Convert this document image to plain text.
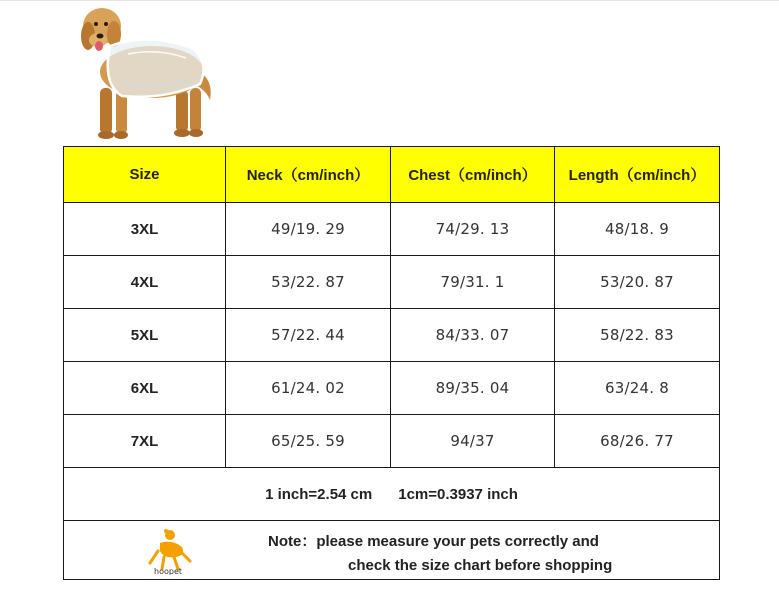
Size	Neck（cm/inch）	Chest（cm/inch）	Length（cm/inch）
3XL	49/19. 29	74/29. 13	48/18. 9
4XL	53/22. 87	79/31. 1	53/20. 87
5XL	57/22. 44	84/33. 07	58/22. 83
6XL	61/24. 02	89/35. 04	63/24. 8
7XL	65/25. 59	94/37	68/26. 77
1 inch=2.54 cm 1cm=0.3937 inch			

hoopet
Note：please measure your pets correctly and
check the size chart before shopping			
